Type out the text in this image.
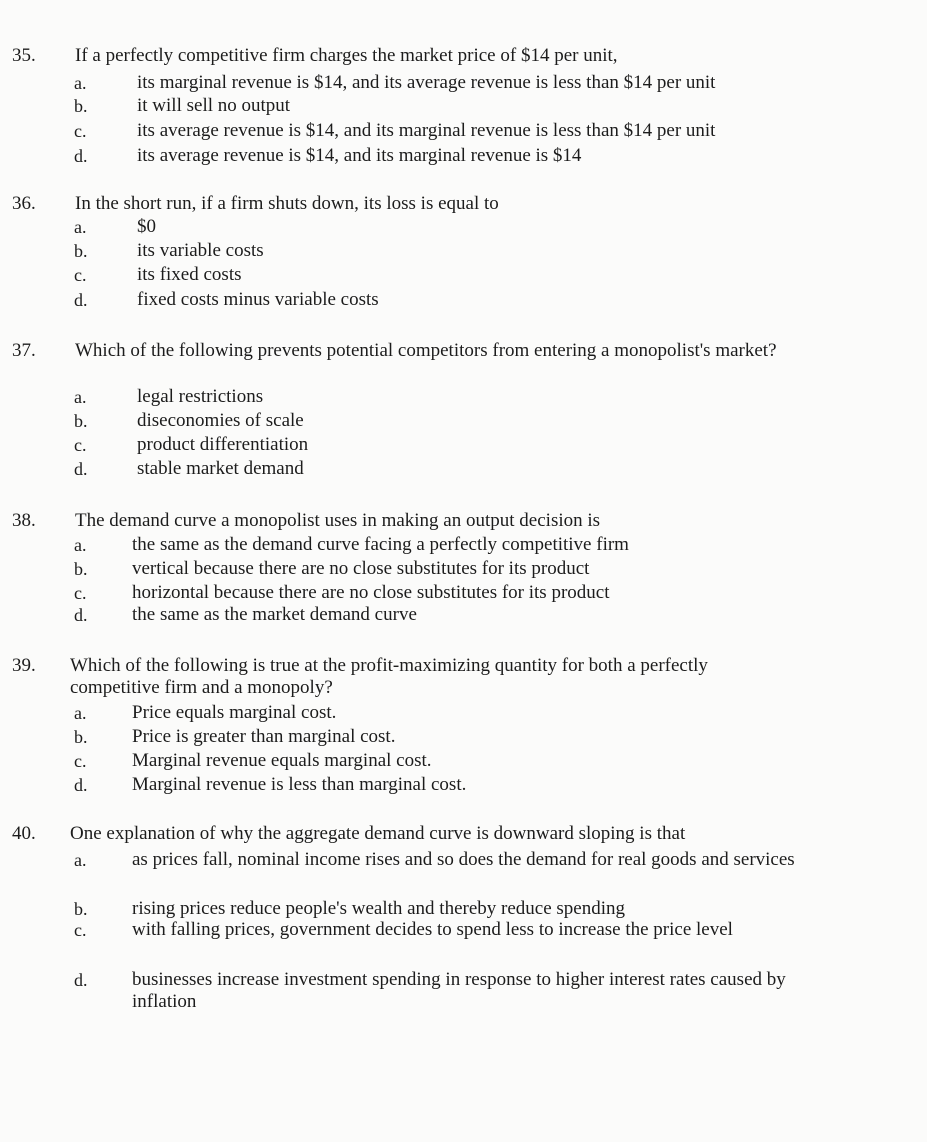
35. If a perfectly competitive firm charges the market price of $14 per unit,
a.	its marginal revenue is $14, and its average revenue is less than $14 per unit
b.	it will sell no output
c.	its average revenue is $14, and its marginal revenue is less than $14 per unit
d.	its average revenue is $14, and its marginal revenue is $14
36. In the short run, if a firm shuts down, its loss is equal to
a.	$0
b.	its variable costs
c.	its fixed costs
d.	fixed costs minus variable costs
37. Which of the following prevents potential competitors from entering a monopolist's market?
a.	legal restrictions
b.	diseconomies of scale
c.	product differentiation
d.	stable market demand
38. The demand curve a monopolist uses in making an output decision is
a. the same as the demand curve facing a perfectly competitive firm
b. vertical because there are no close substitutes for its product
c. horizontal because there are no close substitutes for its product
d. the same as the market demand curve
39. Which of the following is true at the profit-maximizing quantity for both a perfectly competitive firm and a monopoly?
a. Price equals marginal cost.
b. Price is greater than marginal cost.
c. Marginal revenue equals marginal cost.
d. Marginal revenue is less than marginal cost.
40. One explanation of why the aggregate demand curve is downward sloping is that
a. as prices fall, nominal income rises and so does the demand for real goods and services
b. rising prices reduce people's wealth and thereby reduce spending
c. with falling prices, government decides to spend less to increase the price level
d. businesses increase investment spending in response to higher interest rates caused by inflation
